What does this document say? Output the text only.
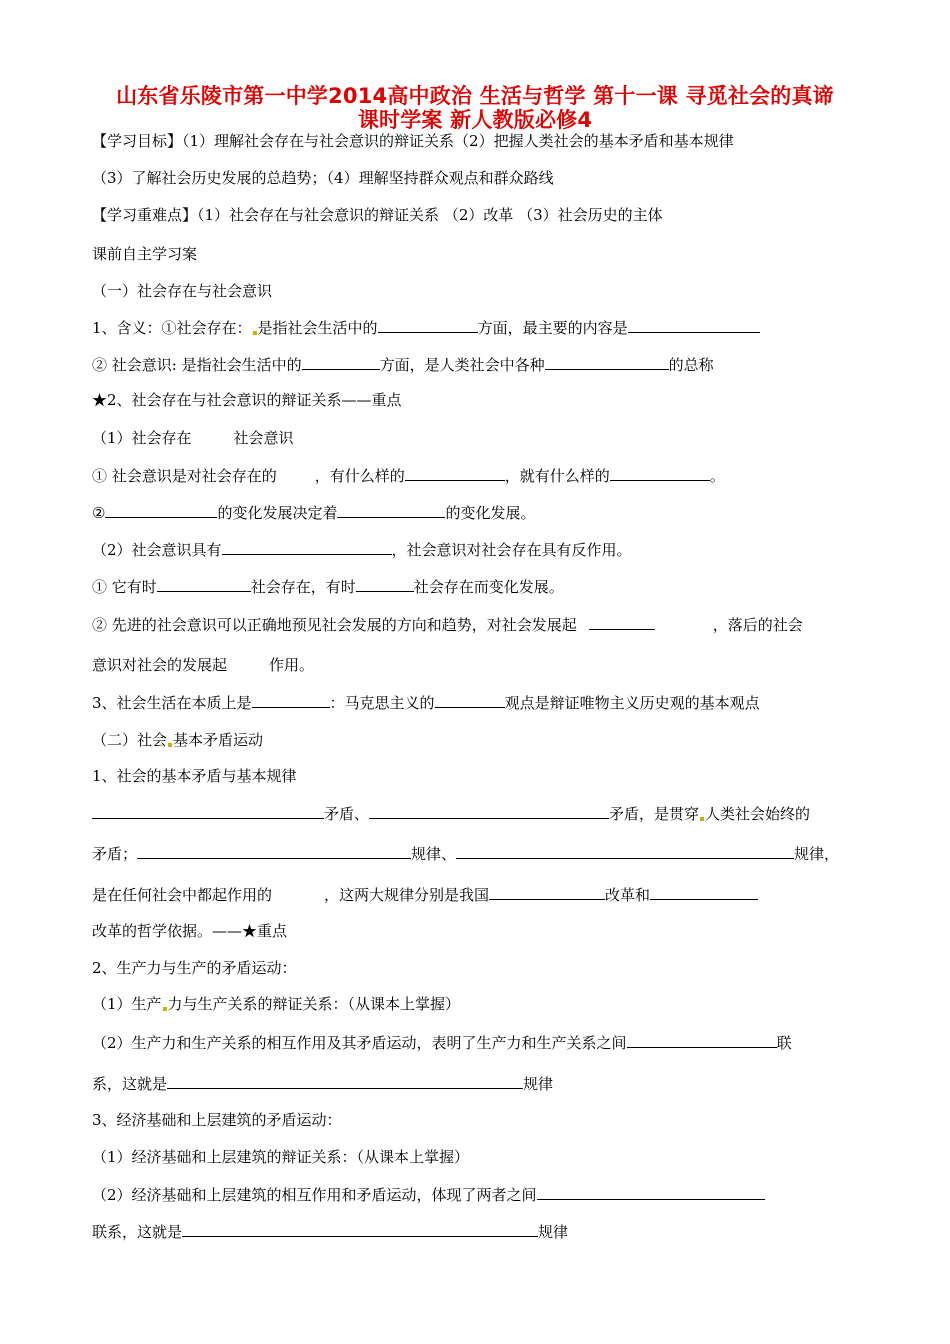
山东省乐陵市第一中学2014高中政治 生活与哲学 第十一课 寻觅社会的真谛
课时学案 新人教版必修4
【学习目标】（1）理解社会存在与社会意识的辩证关系（2）把握人类社会的基本矛盾和基本规律
（3）了解社会历史发展的总趋势；（4）理解坚持群众观点和群众路线
【学习重难点】（1）社会存在与社会意识的辩证关系 （2）改革 （3）社会历史的主体
课前自主学习案
（一）社会存在与社会意识
1、含义：①社会存在： 是指社会生活中的	方面，最主要的内容是
② 社会意识: 是指社会生活中的	方面，是人类社会中各种	的总称
★2、社会存在与社会意识的辩证关系——重点
（1）社会存在	社会意识
① 社会意识是对社会存在的	，有什么样的	，就有什么样的	。
②	的变化发展决定着	的变化发展。
（2）社会意识具有	，社会意识对社会存在具有反作用。
① 它有时	社会存在，有时	社会存在而变化发展。
② 先进的社会意识可以正确地预见社会发展的方向和趋势，对社会发展起	，落后的社会
意识对社会的发展起	作用。
3、社会生活在本质上是	：马克思主义的	观点是辩证唯物主义历史观的基本观点
（二）社会 基本矛盾运动
1、社会的基本矛盾与基本规律
矛盾、	矛盾，是贯穿 人类社会始终的
矛盾；	规律、	规律，
是在任何社会中都起作用的	，这两大规律分别是我国	改革和
改革的哲学依据。——★重点
2、生产力与生产的矛盾运动：
（1）生产 力与生产关系的辩证关系：（从课本上掌握）
（2）生产力和生产关系的相互作用及其矛盾运动，表明了生产力和生产关系之间	联
系，这就是	规律
3、经济基础和上层建筑的矛盾运动：
（1）经济基础和上层建筑的辩证关系：（从课本上掌握）
（2）经济基础和上层建筑的相互作用和矛盾运动，体现了两者之间
联系，这就是	规律
